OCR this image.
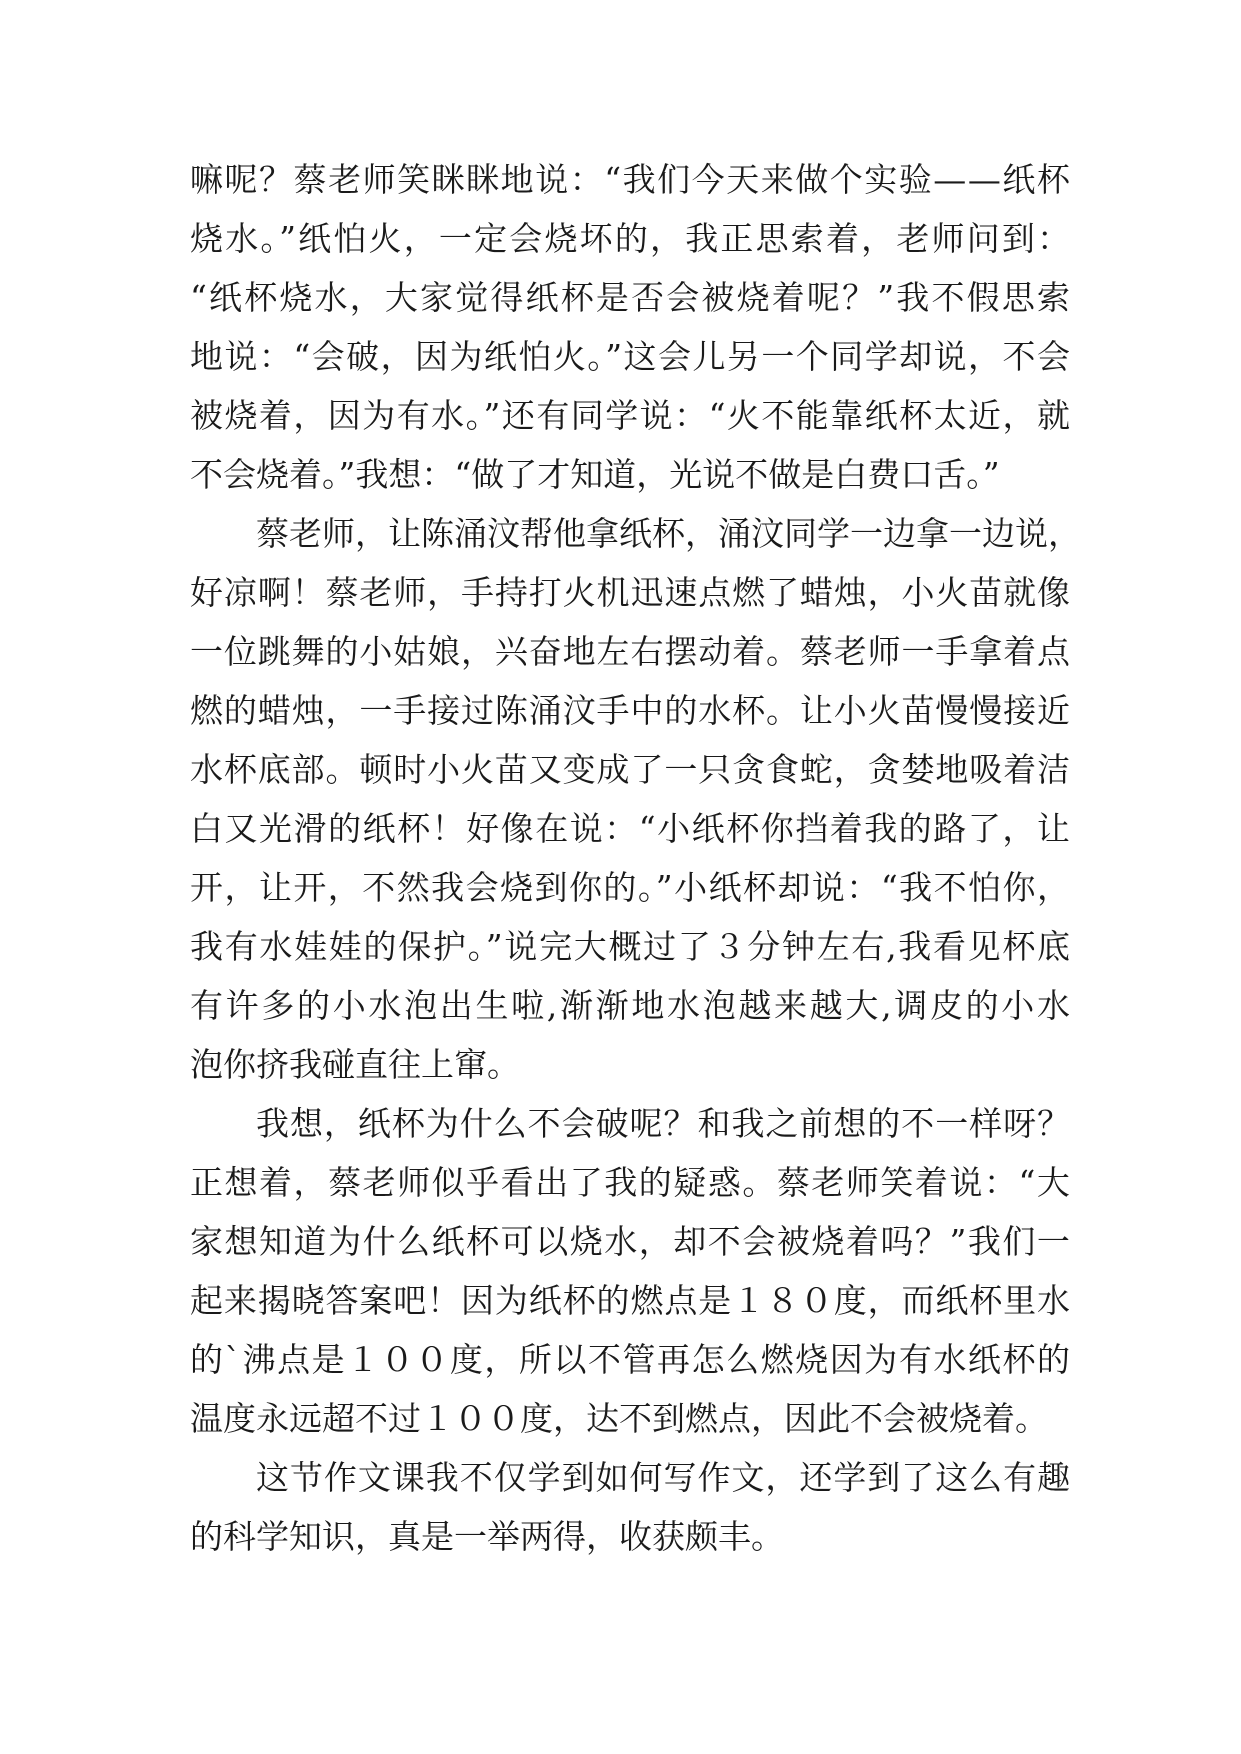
嘛呢？蔡老师笑眯眯地说：“我们今天来做个实验——纸杯
烧水。”纸怕火，一定会烧坏的，我正思索着，老师问到：
“纸杯烧水，大家觉得纸杯是否会被烧着呢？”我不假思索
地说：“会破，因为纸怕火。”这会儿另一个同学却说，不会
被烧着，因为有水。”还有同学说：“火不能靠纸杯太近，就
不会烧着。”我想：“做了才知道，光说不做是白费口舌。”
蔡老师，让陈涌汶帮他拿纸杯，涌汶同学一边拿一边说，
好凉啊！蔡老师，手持打火机迅速点燃了蜡烛，小火苗就像
一位跳舞的小姑娘，兴奋地左右摆动着。蔡老师一手拿着点
燃的蜡烛，一手接过陈涌汶手中的水杯。让小火苗慢慢接近
水杯底部。顿时小火苗又变成了一只贪食蛇，贪婪地吸着洁
白又光滑的纸杯！好像在说：“小纸杯你挡着我的路了，让
开，让开，不然我会烧到你的。”小纸杯却说：“我不怕你，
我有水娃娃的保护。”说完大概过了３分钟左右,我看见杯底
有许多的小水泡出生啦,渐渐地水泡越来越大,调皮的小水
泡你挤我碰直往上窜。
我想，纸杯为什么不会破呢？和我之前想的不一样呀？
正想着，蔡老师似乎看出了我的疑惑。蔡老师笑着说：“大
家想知道为什么纸杯可以烧水，却不会被烧着吗？”我们一
起来揭晓答案吧！因为纸杯的燃点是１８０度，而纸杯里水
的`沸点是１００度，所以不管再怎么燃烧因为有水纸杯的
温度永远超不过１００度，达不到燃点，因此不会被烧着。
这节作文课我不仅学到如何写作文，还学到了这么有趣
的科学知识，真是一举两得，收获颇丰。
